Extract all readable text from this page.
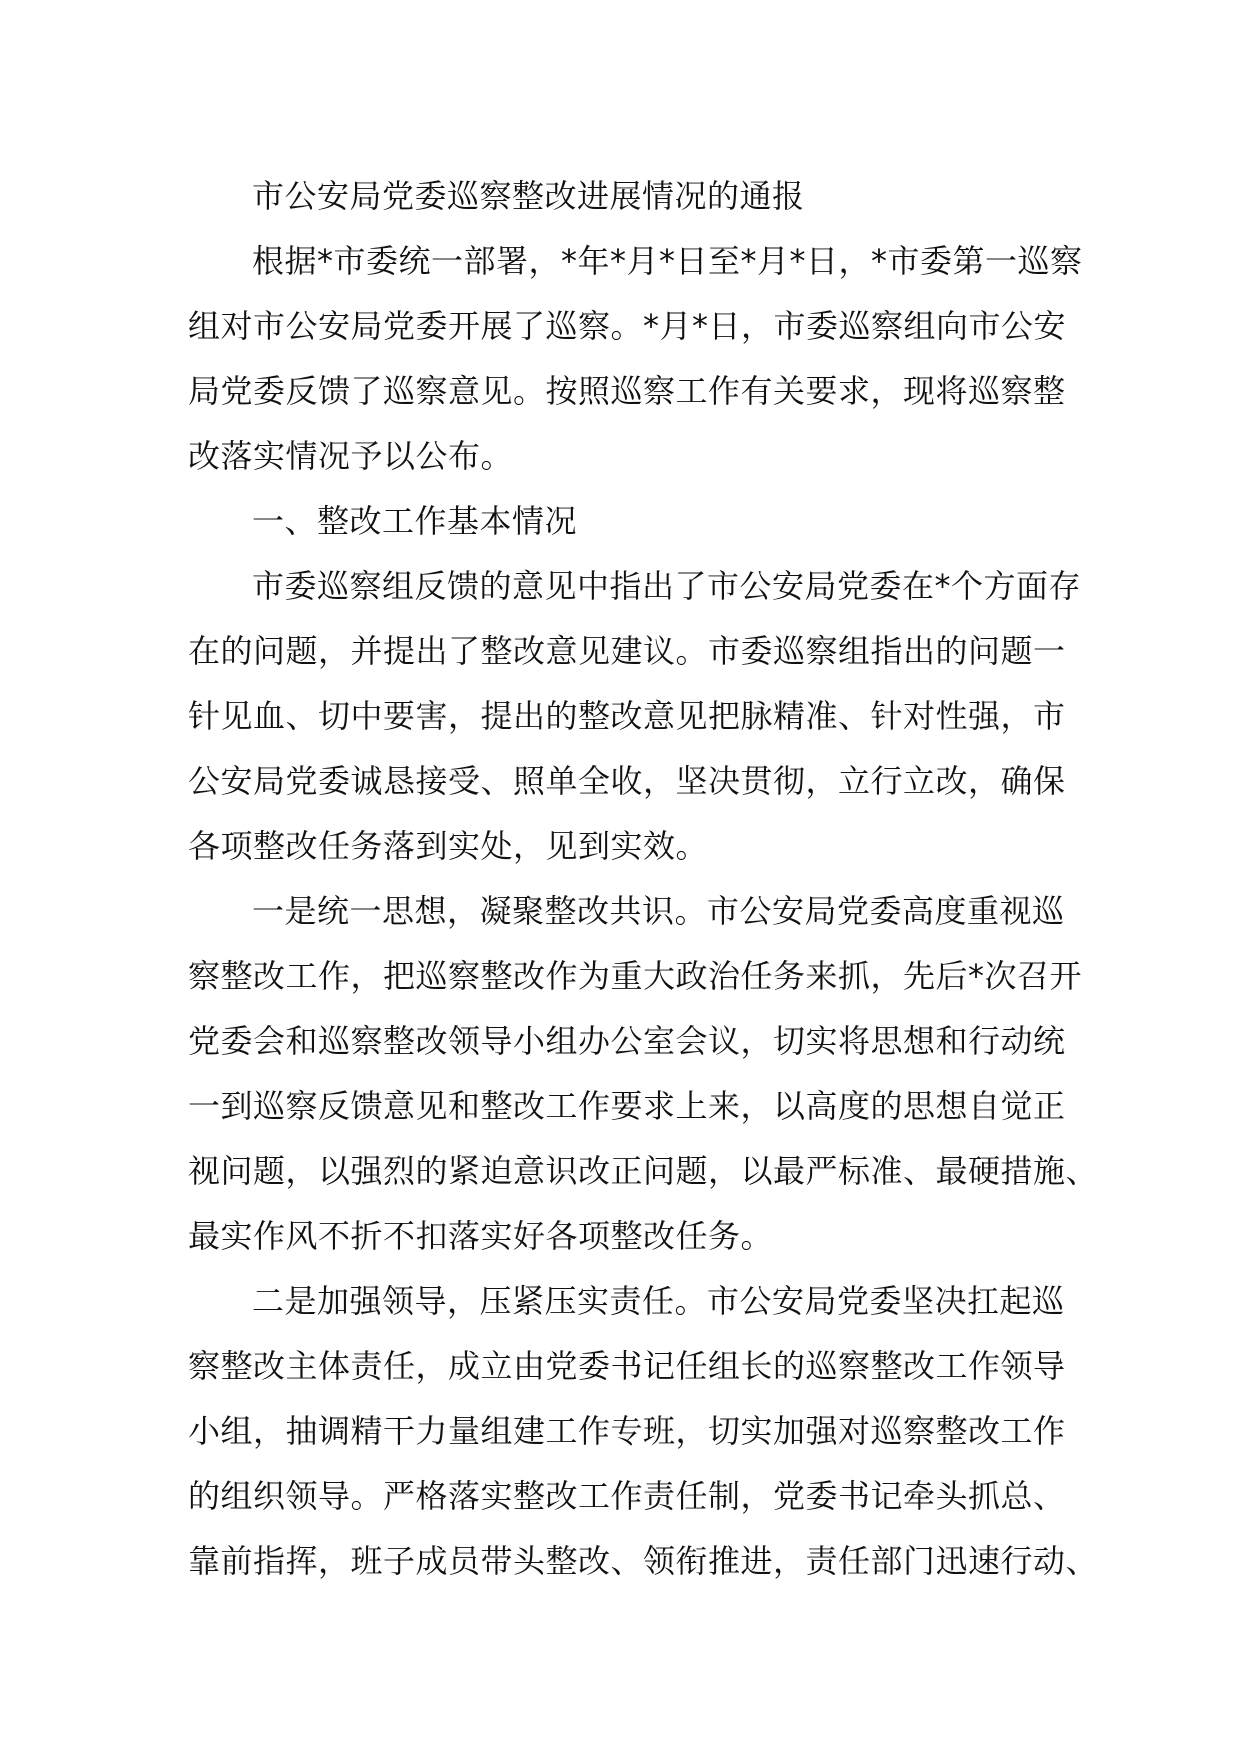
市公安局党委巡察整改进展情况的通报
根据*市委统一部署，*年*月*日至*月*日，*市委第一巡察
组对市公安局党委开展了巡察。*月*日，市委巡察组向市公安
局党委反馈了巡察意见。按照巡察工作有关要求，现将巡察整
改落实情况予以公布。
一、整改工作基本情况
市委巡察组反馈的意见中指出了市公安局党委在*个方面存
在的问题，并提出了整改意见建议。市委巡察组指出的问题一
针见血、切中要害，提出的整改意见把脉精准、针对性强，市
公安局党委诚恳接受、照单全收，坚决贯彻，立行立改，确保
各项整改任务落到实处，见到实效。
一是统一思想，凝聚整改共识。市公安局党委高度重视巡
察整改工作，把巡察整改作为重大政治任务来抓，先后*次召开
党委会和巡察整改领导小组办公室会议，切实将思想和行动统
一到巡察反馈意见和整改工作要求上来，以高度的思想自觉正
视问题，以强烈的紧迫意识改正问题，以最严标准、最硬措施、
最实作风不折不扣落实好各项整改任务。
二是加强领导，压紧压实责任。市公安局党委坚决扛起巡
察整改主体责任，成立由党委书记任组长的巡察整改工作领导
小组，抽调精干力量组建工作专班，切实加强对巡察整改工作
的组织领导。严格落实整改工作责任制，党委书记牵头抓总、
靠前指挥，班子成员带头整改、领衔推进，责任部门迅速行动、
